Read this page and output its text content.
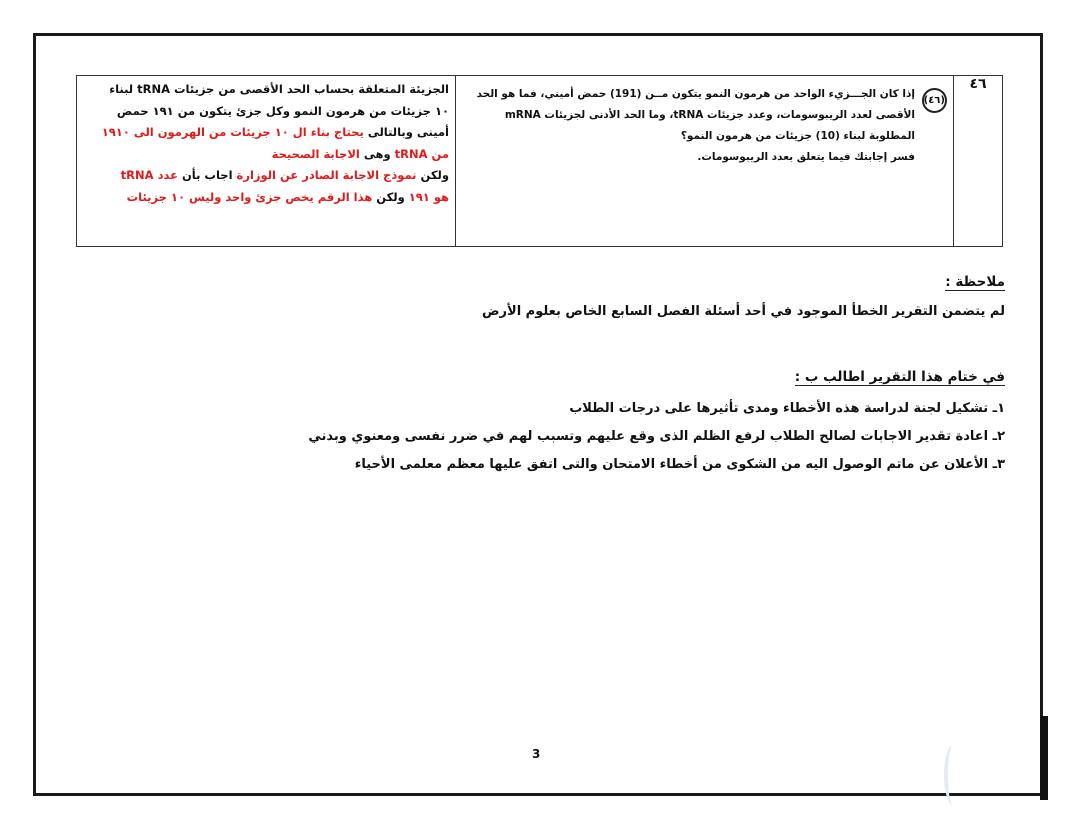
٤٦	
(٤٦)
إذا كان الجـــزيء الواحد من هرمون النمو يتكون مــن (191) حمض أميني، فما هو الحد
الأقصى لعدد الريبوسومات، وعدد جزيئات tRNA، وما الحد الأدنى لجزيئات mRNA
المطلوبة لبناء (10) جزيئات من هرمون النمو؟
فسر إجابتك فيما يتعلق بعدد الريبوسومات.

الجزيئة المتعلقة بحساب الحد الأقصى من جزيئات tRNA لبناء
١٠ جزيئات من هرمون النمو وكل جزئ يتكون من ١٩١ حمض
أمينى وبالتالى يحتاج بناء ال ١٠ جزيئات من الهرمون الى ١٩١٠
من tRNA وهى الاجابة الصحيحة
ولكن نموذج الاجابة الصادر عن الوزارة اجاب بأن عدد tRNA
هو ١٩١ ولكن هذا الرقم يخص جزئ واحد وليس ١٠ جزيئات
ملاحظة :
لم يتضمن التقرير الخطأ الموجود في أحد أسئلة الفصل السابع الخاص بعلوم الأرض
في ختام هذا التقرير اطالب ب :
١ـ تشكيل لجنة لدراسة هذه الأخطاء ومدى تأثيرها على درجات الطلاب
٢ـ اعادة تقدير الاجابات لصالح الطلاب لرفع الظلم الذى وقع عليهم وتسبب لهم في ضرر نفسى ومعنوي وبدني
٣ـ الأعلان عن ماتم الوصول اليه من الشكوى من أخطاء الامتحان والتى اتفق عليها معظم معلمى الأحياء
3
